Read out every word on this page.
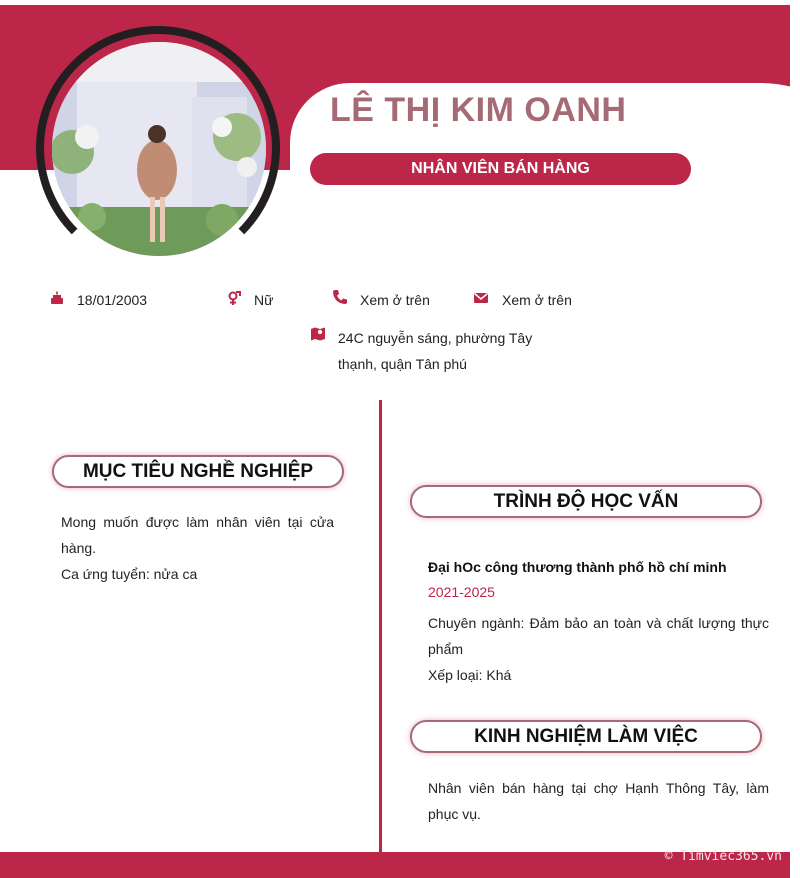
LÊ THỊ KIM OANH
NHÂN VIÊN BÁN HÀNG
18/01/2003	Nữ	Xem ở trên	Xem ở trên
24C nguyễn sáng, phường Tây thạnh, quận Tân phú
MỤC TIÊU NGHỀ NGHIỆP
Mong muốn được làm nhân viên tại cửa hàng.
Ca ứng tuyển: nửa ca
TRÌNH ĐỘ HỌC VẤN
Đại hOc công thương thành phố hồ chí minh
2021-2025
Chuyên ngành: Đảm bảo an toàn và chất lượng thực phẩm
Xếp loại: Khá
KINH NGHIỆM LÀM VIỆC
Nhân viên bán hàng tại chợ Hạnh Thông Tây, làm phục vụ.
© Timviec365.vn
